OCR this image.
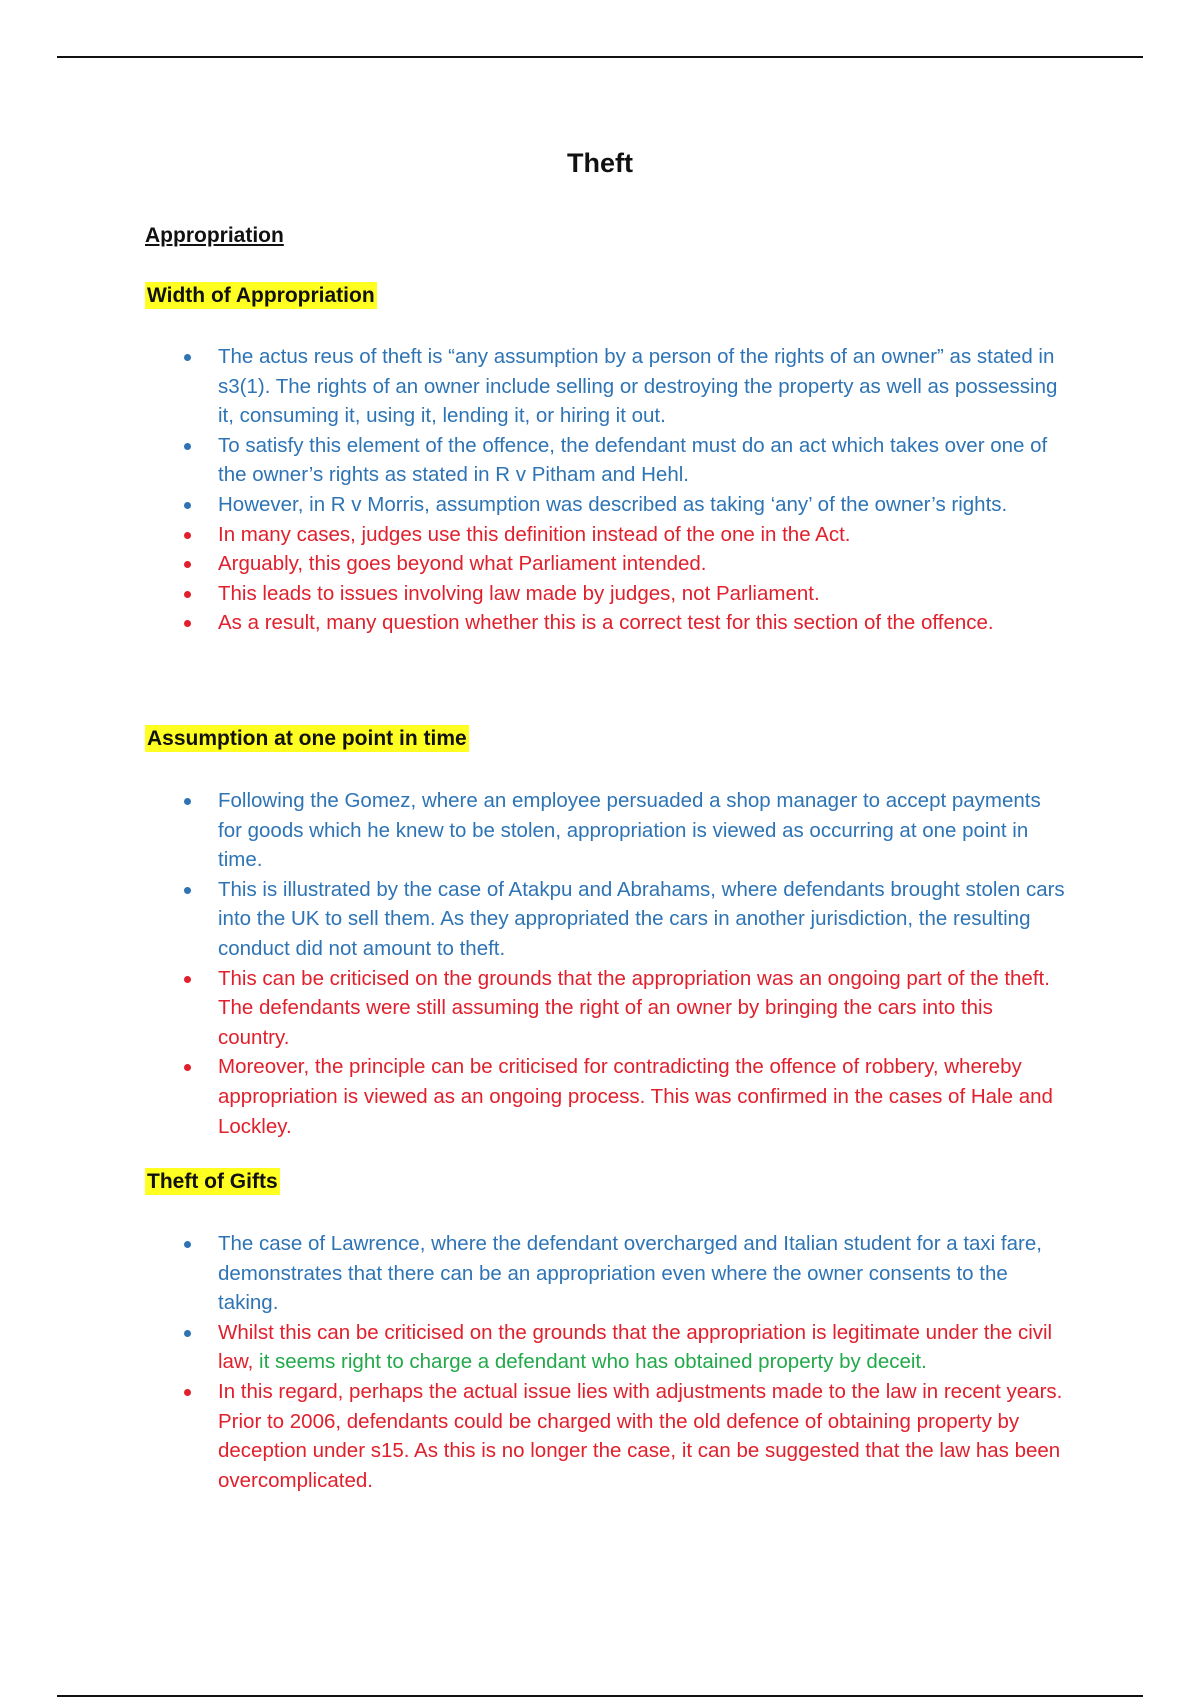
Theft
Appropriation
Width of Appropriation
The actus reus of theft is “any assumption by a person of the rights of an owner” as stated in s3(1). The rights of an owner include selling or destroying the property as well as possessing it, consuming it, using it, lending it, or hiring it out.
To satisfy this element of the offence, the defendant must do an act which takes over one of the owner’s rights as stated in R v Pitham and Hehl.
However, in R v Morris, assumption was described as taking ‘any’ of the owner’s rights.
In many cases, judges use this definition instead of the one in the Act.
Arguably, this goes beyond what Parliament intended.
This leads to issues involving law made by judges, not Parliament.
As a result, many question whether this is a correct test for this section of the offence.
Assumption at one point in time
Following the Gomez, where an employee persuaded a shop manager to accept payments for goods which he knew to be stolen, appropriation is viewed as occurring at one point in time.
This is illustrated by the case of Atakpu and Abrahams, where defendants brought stolen cars into the UK to sell them. As they appropriated the cars in another jurisdiction, the resulting conduct did not amount to theft.
This can be criticised on the grounds that the appropriation was an ongoing part of the theft. The defendants were still assuming the right of an owner by bringing the cars into this country.
Moreover, the principle can be criticised for contradicting the offence of robbery, whereby appropriation is viewed as an ongoing process. This was confirmed in the cases of Hale and Lockley.
Theft of Gifts
The case of Lawrence, where the defendant overcharged and Italian student for a taxi fare, demonstrates that there can be an appropriation even where the owner consents to the taking.
Whilst this can be criticised on the grounds that the appropriation is legitimate under the civil law, it seems right to charge a defendant who has obtained property by deceit.
In this regard, perhaps the actual issue lies with adjustments made to the law in recent years. Prior to 2006, defendants could be charged with the old defence of obtaining property by deception under s15. As this is no longer the case, it can be suggested that the law has been overcomplicated.
